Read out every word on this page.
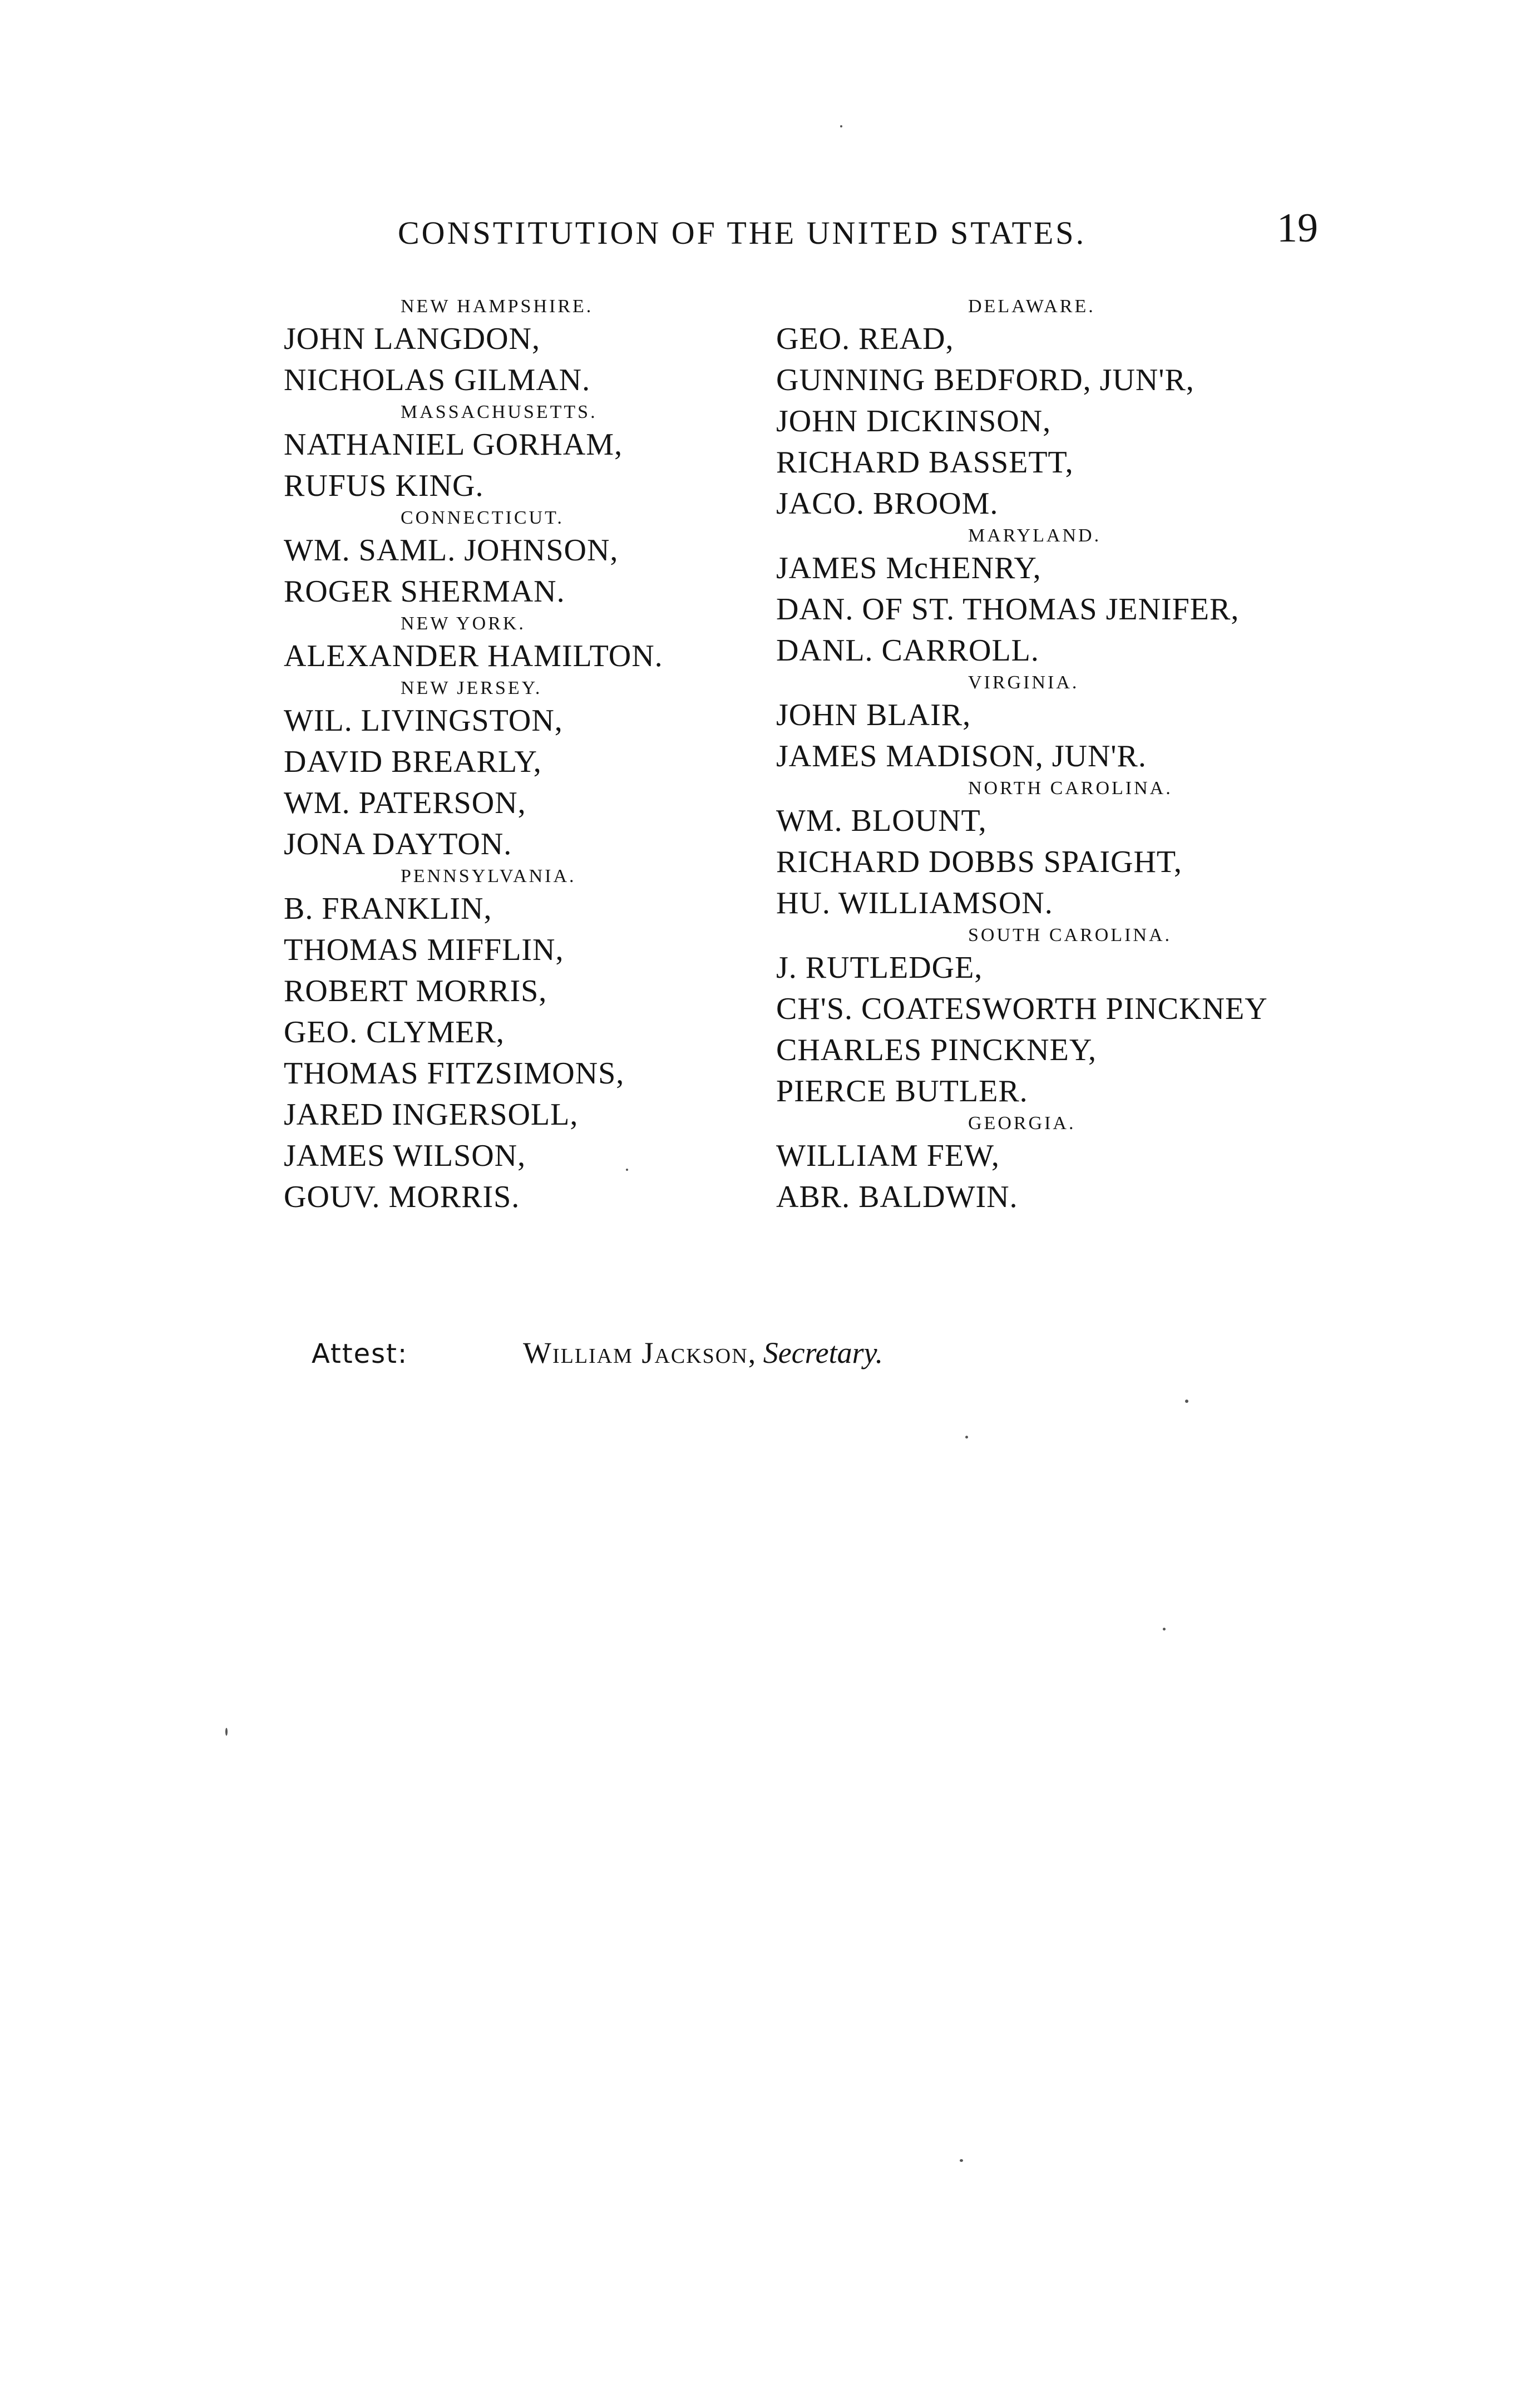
CONSTITUTION OF THE UNITED STATES.	19
NEW HAMPSHIRE.
JOHN LANGDON,
NICHOLAS GILMAN.
MASSACHUSETTS.
NATHANIEL GORHAM,
RUFUS KING.
CONNECTICUT.
WM. SAML. JOHNSON,
ROGER SHERMAN.
NEW YORK.
ALEXANDER HAMILTON.
NEW JERSEY.
WIL. LIVINGSTON,
DAVID BREARLY,
WM. PATERSON,
JONA DAYTON.
PENNSYLVANIA.
B. FRANKLIN,
THOMAS MIFFLIN,
ROBERT MORRIS,
GEO. CLYMER,
THOMAS FITZSIMONS,
JARED INGERSOLL,
JAMES WILSON,
GOUV. MORRIS.
DELAWARE.
GEO. READ,
GUNNING BEDFORD, JUN'R,
JOHN DICKINSON,
RICHARD BASSETT,
JACO. BROOM.
MARYLAND.
JAMES McHENRY,
DAN. OF ST. THOMAS JENIFER,
DANL. CARROLL.
VIRGINIA.
JOHN BLAIR,
JAMES MADISON, JUN'R.
NORTH CAROLINA.
WM. BLOUNT,
RICHARD DOBBS SPAIGHT,
HU. WILLIAMSON.
SOUTH CAROLINA.
J. RUTLEDGE,
CH'S. COATESWORTH PINCKNEY
CHARLES PINCKNEY,
PIERCE BUTLER.
GEORGIA.
WILLIAM FEW,
ABR. BALDWIN.
Attest:	William Jackson, Secretary.
